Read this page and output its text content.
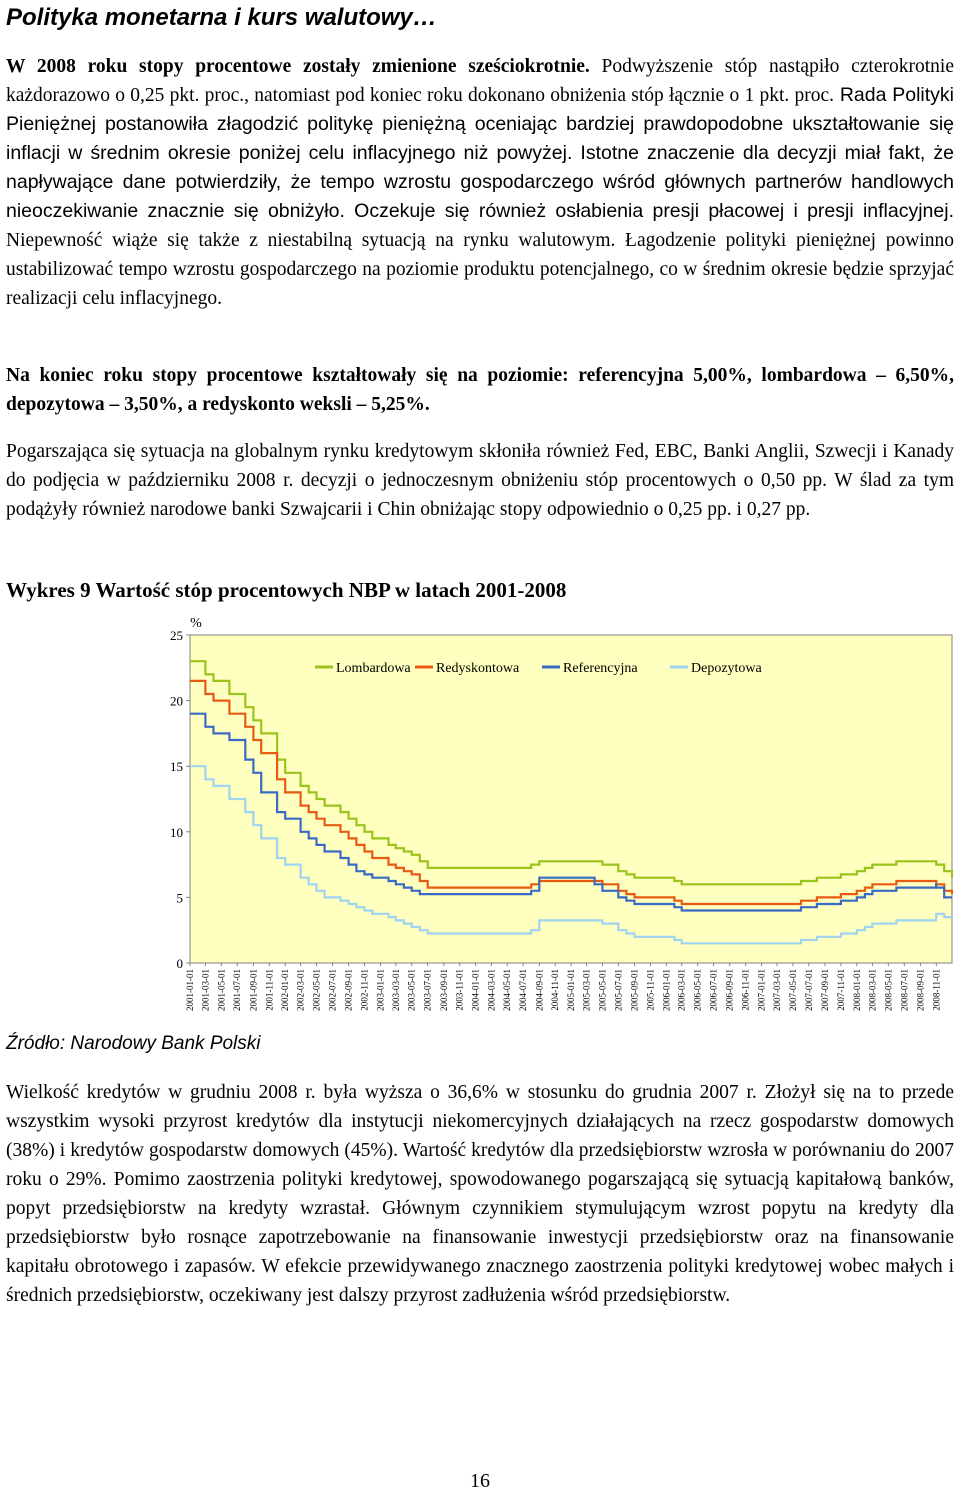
Polityka monetarna i kurs walutowy…

W 2008 roku stopy procentowe zostały zmienione sześciokrotnie. Podwyższenie stóp nastąpiło czterokrotnie każdorazowo o 0,25 pkt. proc., natomiast pod koniec roku dokonano obniżenia stóp łącznie o 1 pkt. proc. Rada Polityki Pieniężnej postanowiła złagodzić politykę pieniężną oceniając bardziej prawdopodobne ukształtowanie się inflacji w średnim okresie poniżej celu inflacyjnego niż powyżej. Istotne znaczenie dla decyzji miał fakt, że napływające dane potwierdziły, że tempo wzrostu gospodarczego wśród głównych partnerów handlowych nieoczekiwanie znacznie się obniżyło. Oczekuje się również osłabienia presji płacowej i presji inflacyjnej. Niepewność wiąże się także z niestabilną sytuacją na rynku walutowym. Łagodzenie polityki pieniężnej powinno ustabilizować tempo wzrostu gospodarczego na poziomie produktu potencjalnego, co w średnim okresie będzie sprzyjać realizacji celu inflacyjnego.

Na koniec roku stopy procentowe kształtowały się na poziomie: referencyjna 5,00%, lombardowa – 6,50%, depozytowa – 3,50%, a redyskonto weksli – 5,25%.

Pogarszająca się sytuacja na globalnym rynku kredytowym skłoniła również Fed, EBC, Banki Anglii, Szwecji i Kanady do podjęcia w październiku 2008 r. decyzji o jednoczesnym obniżeniu stóp procentowych o 0,50 pp. W ślad za tym podążyły również narodowe banki Szwajcarii i Chin obniżając stopy odpowiednio o 0,25 pp. i 0,27 pp.

Wykres 9 Wartość stóp procentowych NBP w latach 2001-2008
0
5
10
15
20
25
%
2001-01-01 2001-03-01 2001-05-01 2001-07-01 2001-09-01 2001-11-01 2002-01-01 2002-03-01 2002-05-01 2002-07-01 2002-09-01 2002-11-01 2003-01-01 2003-03-01 2003-05-01 2003-07-01 2003-09-01 2003-11-01 2004-01-01 2004-03-01 2004-05-01 2004-07-01 2004-09-01 2004-11-01 2005-01-01 2005-03-01 2005-05-01 2005-07-01 2005-09-01 2005-11-01 2006-01-01 2006-03-01 2006-05-01 2006-07-01 2006-09-01 2006-11-01 2007-01-01 2007-03-01 2007-05-01 2007-07-01 2007-09-01 2007-11-01 2008-01-01 2008-03-01 2008-05-01 2008-07-01 2008-09-01 2008-11-01
Lombardowa Redyskontowa	Referencyjna	Depozytowa
Źródło: Narodowy Bank Polski

Wielkość kredytów w grudniu 2008 r. była wyższa o 36,6% w stosunku do grudnia 2007 r. Złożył się na to przede wszystkim wysoki przyrost kredytów dla instytucji niekomercyjnych działających na rzecz gospodarstw domowych (38%) i kredytów gospodarstw domowych (45%). Wartość kredytów dla przedsiębiorstw wzrosła w porównaniu do 2007 roku o 29%. Pomimo zaostrzenia polityki kredytowej, spowodowanego pogarszającą się sytuacją kapitałową banków, popyt przedsiębiorstw na kredyty wzrastał. Głównym czynnikiem stymulującym wzrost popytu na kredyty dla przedsiębiorstw było rosnące zapotrzebowanie na finansowanie inwestycji przedsiębiorstw oraz na finansowanie kapitału obrotowego i zapasów. W efekcie przewidywanego znacznego zaostrzenia polityki kredytowej wobec małych i średnich przedsiębiorstw, oczekiwany jest dalszy przyrost zadłużenia wśród przedsiębiorstw.

16
